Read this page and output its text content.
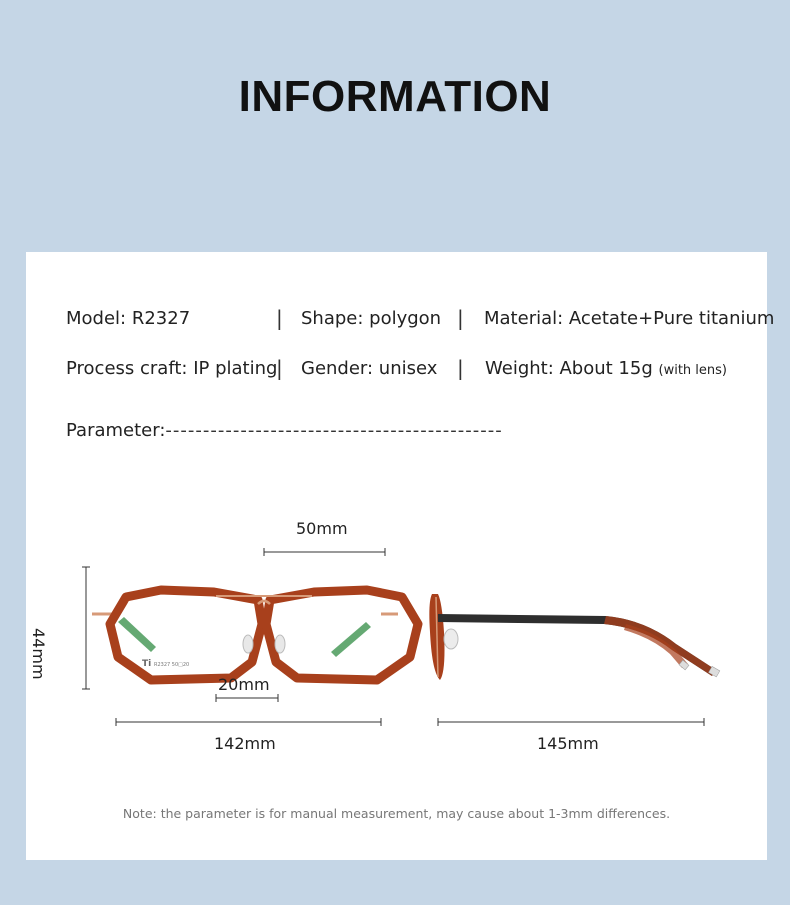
INFORMATION
Model: R2327	| Shape: polygon | Material: Acetate+Pure titanium
Process craft: IP plating
| Gender: unisex | Weight: About 15g (with lens)
Parameter:---------------------------------------------
Ti R2327 50□20
50mm
44mm
20mm
142mm	145mm
Note: the parameter is for manual measurement, may cause about 1-3mm differences.
